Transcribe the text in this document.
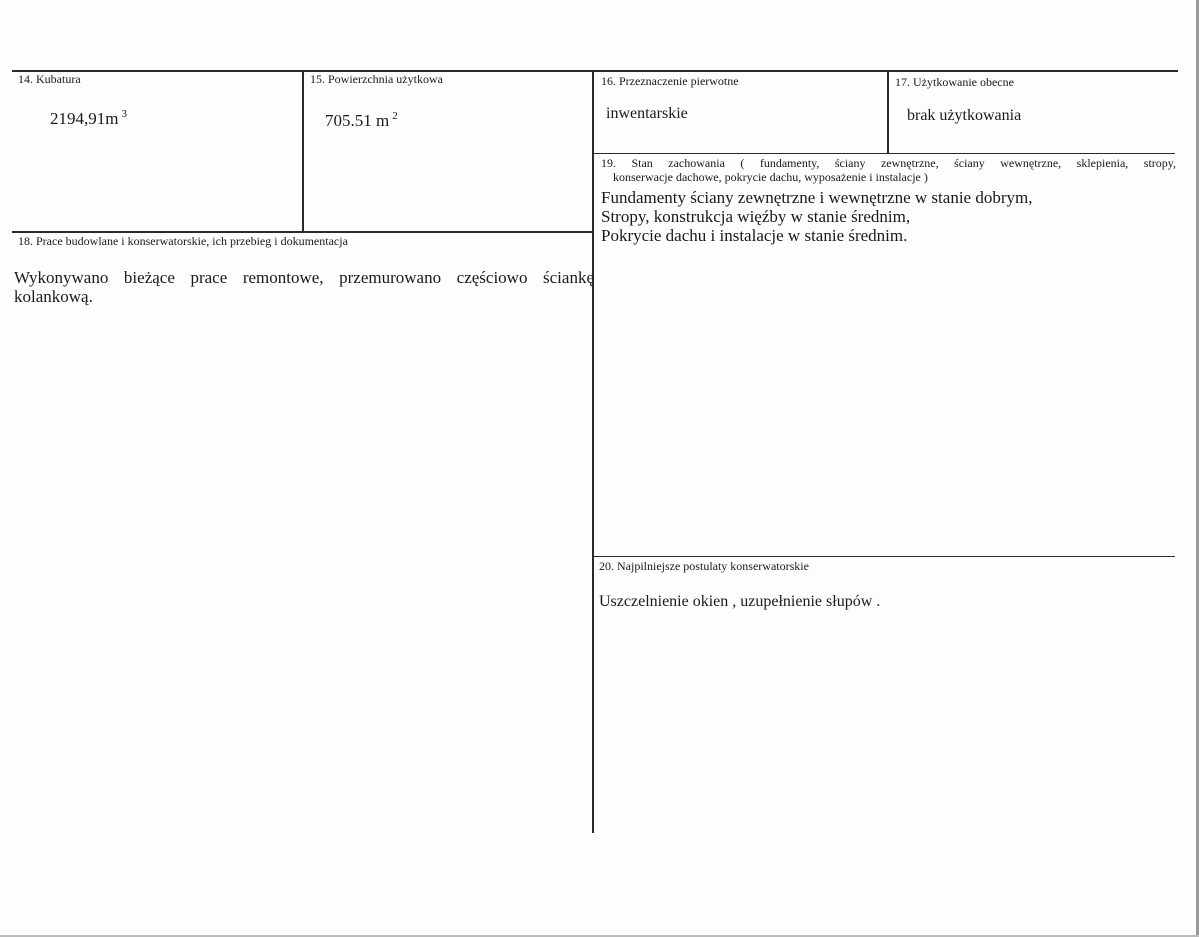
14. Kubatura
2194,91m $^3$
15. Powierzchnia użytkowa
705.51 m $^2$
16. Przeznaczenie pierwotne
inwentarskie
17. Użytkowanie obecne
brak użytkowania
18. Prace budowlane i konserwatorskie, ich przebieg i dokumentacja
Wykonywano bieżące prace remontowe, przemurowano częściowo ściankę kolankową.
19. Stan zachowania ( fundamenty, ściany zewnętrzne, ściany wewnętrzne, sklepienia, stropy,
konserwacje dachowe, pokrycie dachu, wyposażenie i instalacje )
Fundamenty ściany zewnętrzne i wewnętrzne w stanie dobrym,
Stropy, konstrukcja więźby w stanie średnim,
Pokrycie dachu i instalacje w stanie średnim.
20. Najpilniejsze postulaty konserwatorskie
Uszczelnienie okien , uzupełnienie słupów .
